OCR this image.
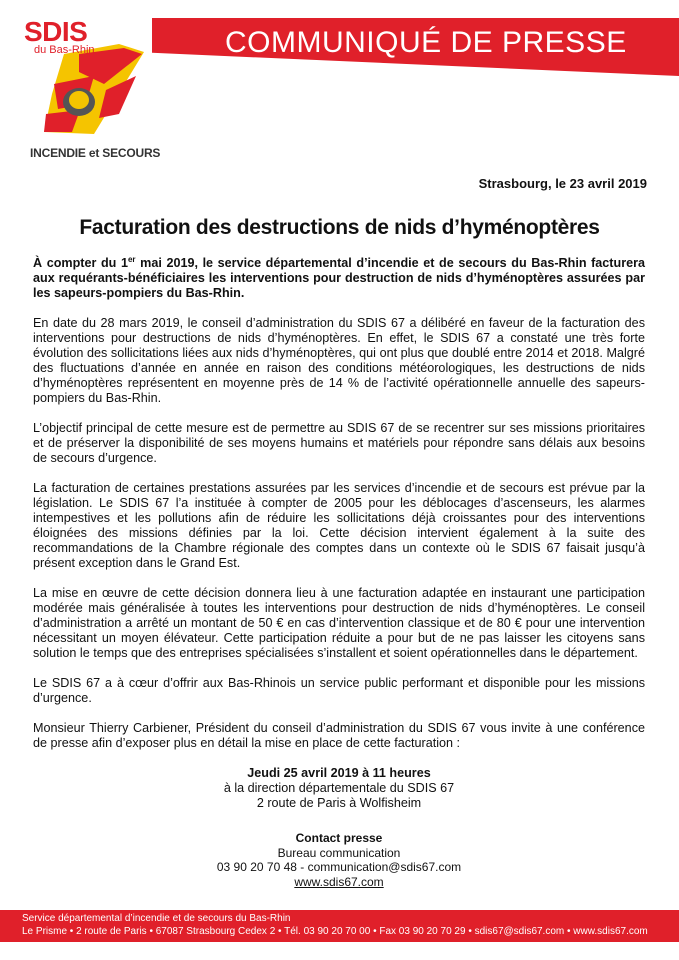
COMMUNIQUÉ DE PRESSE
SDIS
du Bas-Rhin
INCENDIE et SECOURS
Strasbourg, le 23 avril 2019
Facturation des destructions de nids d’hyménoptères

À compter du 1er mai 2019, le service départemental d’incendie et de secours du Bas-Rhin facturera aux requérants-bénéficiaires les interventions pour destruction de nids d’hyménoptères assurées par les sapeurs-pompiers du Bas-Rhin.

En date du 28 mars 2019, le conseil d’administration du SDIS 67 a délibéré en faveur de la facturation des interventions pour destructions de nids d’hyménoptères. En effet, le SDIS 67 a constaté une très forte évolution des sollicitations liées aux nids d’hyménoptères, qui ont plus que doublé entre 2014 et 2018. Malgré des fluctuations d’année en année en raison des conditions météorologiques, les destructions de nids d’hyménoptères représentent en moyenne près de 14 % de l’activité opérationnelle annuelle des sapeurs-pompiers du Bas-Rhin.

L’objectif principal de cette mesure est de permettre au SDIS 67 de se recentrer sur ses missions prioritaires et de préserver la disponibilité de ses moyens humains et matériels pour répondre sans délais aux besoins de secours d’urgence.

La facturation de certaines prestations assurées par les services d’incendie et de secours est prévue par la législation. Le SDIS 67 l’a instituée à compter de 2005 pour les déblocages d’ascenseurs, les alarmes intempestives et les pollutions afin de réduire les sollicitations déjà croissantes pour des interventions éloignées des missions définies par la loi. Cette décision intervient également à la suite des recommandations de la Chambre régionale des comptes dans un contexte où le SDIS 67 faisait jusqu’à présent exception dans le Grand Est.

La mise en œuvre de cette décision donnera lieu à une facturation adaptée en instaurant une participation modérée mais généralisée à toutes les interventions pour destruction de nids d’hyménoptères. Le conseil d’administration a arrêté un montant de 50 € en cas d’intervention classique et de 80 € pour une intervention nécessitant un moyen élévateur. Cette participation réduite a pour but de ne pas laisser les citoyens sans solution le temps que des entreprises spécialisées s’installent et soient opérationnelles dans le département.

Le SDIS 67 a à cœur d’offrir aux Bas-Rhinois un service public performant et disponible pour les missions d’urgence.

Monsieur Thierry Carbiener, Président du conseil d’administration du SDIS 67 vous invite à une conférence de presse afin d’exposer plus en détail la mise en place de cette facturation :

Jeudi 25 avril 2019 à 11 heures
à la direction départementale du SDIS 67
2 route de Paris à Wolfisheim
Contact presse
Bureau communication
03 90 20 70 48 - communication@sdis67.com
www.sdis67.com
Service départemental d’incendie et de secours du Bas-Rhin
Le Prisme • 2 route de Paris • 67087 Strasbourg Cedex 2 • Tél. 03 90 20 70 00 • Fax 03 90 20 70 29 • sdis67@sdis67.com • www.sdis67.com
